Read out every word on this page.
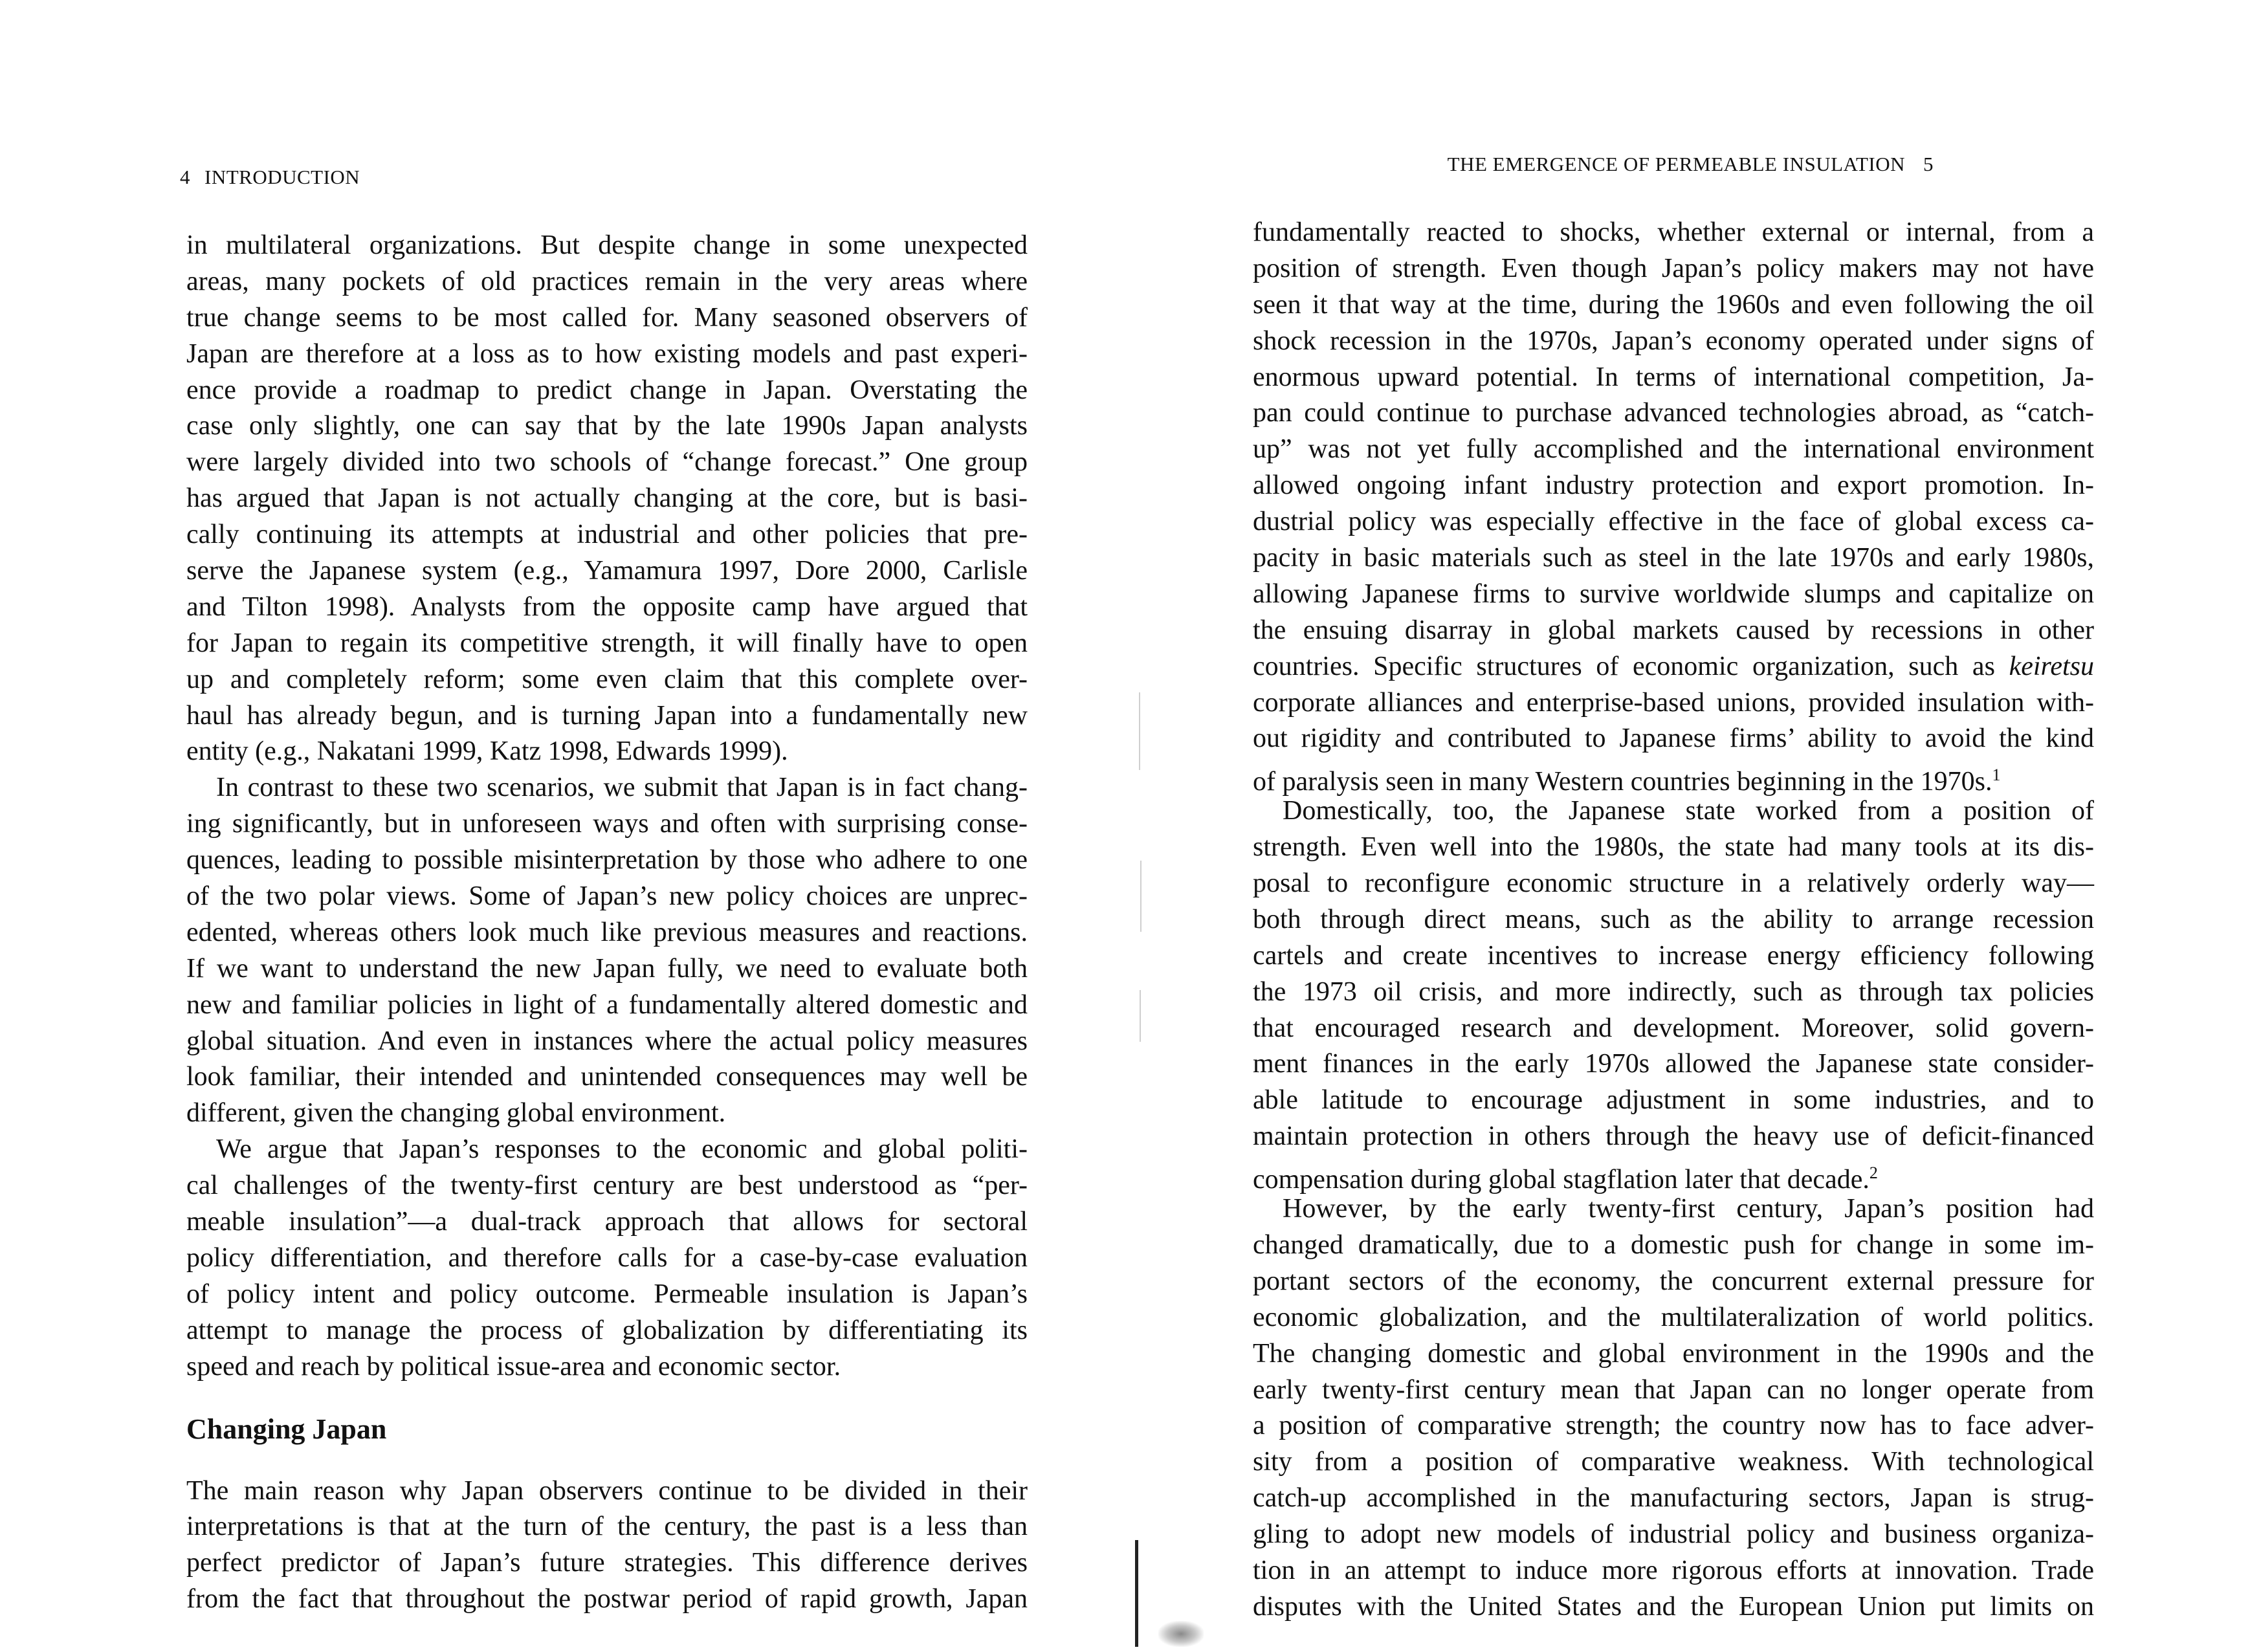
4 INTRODUCTION
in multilateral organizations. But despite change in some unexpected
areas, many pockets of old practices remain in the very areas where
true change seems to be most called for. Many seasoned observers of
Japan are therefore at a loss as to how existing models and past experi-
ence provide a roadmap to predict change in Japan. Overstating the
case only slightly, one can say that by the late 1990s Japan analysts
were largely divided into two schools of “change forecast.” One group
has argued that Japan is not actually changing at the core, but is basi-
cally continuing its attempts at industrial and other policies that pre-
serve the Japanese system (e.g., Yamamura 1997, Dore 2000, Carlisle
and Tilton 1998). Analysts from the opposite camp have argued that
for Japan to regain its competitive strength, it will finally have to open
up and completely reform; some even claim that this complete over-
haul has already begun, and is turning Japan into a fundamentally new
entity (e.g., Nakatani 1999, Katz 1998, Edwards 1999).
In contrast to these two scenarios, we submit that Japan is in fact chang-
ing significantly, but in unforeseen ways and often with surprising conse-
quences, leading to possible misinterpretation by those who adhere to one
of the two polar views. Some of Japan’s new policy choices are unprec-
edented, whereas others look much like previous measures and reactions.
If we want to understand the new Japan fully, we need to evaluate both
new and familiar policies in light of a fundamentally altered domestic and
global situation. And even in instances where the actual policy measures
look familiar, their intended and unintended consequences may well be
different, given the changing global environment.
We argue that Japan’s responses to the economic and global politi-
cal challenges of the twenty-first century are best understood as “per-
meable insulation”—a dual-track approach that allows for sectoral
policy differentiation, and therefore calls for a case-by-case evaluation
of policy intent and policy outcome. Permeable insulation is Japan’s
attempt to manage the process of globalization by differentiating its
speed and reach by political issue-area and economic sector.
Changing Japan
The main reason why Japan observers continue to be divided in their
interpretations is that at the turn of the century, the past is a less than
perfect predictor of Japan’s future strategies. This difference derives
from the fact that throughout the postwar period of rapid growth, Japan
THE EMERGENCE OF PERMEABLE INSULATION 5
fundamentally reacted to shocks, whether external or internal, from a
position of strength. Even though Japan’s policy makers may not have
seen it that way at the time, during the 1960s and even following the oil
shock recession in the 1970s, Japan’s economy operated under signs of
enormous upward potential. In terms of international competition, Ja-
pan could continue to purchase advanced technologies abroad, as “catch-
up” was not yet fully accomplished and the international environment
allowed ongoing infant industry protection and export promotion. In-
dustrial policy was especially effective in the face of global excess ca-
pacity in basic materials such as steel in the late 1970s and early 1980s,
allowing Japanese firms to survive worldwide slumps and capitalize on
the ensuing disarray in global markets caused by recessions in other
countries. Specific structures of economic organization, such as keiretsu
corporate alliances and enterprise-based unions, provided insulation with-
out rigidity and contributed to Japanese firms’ ability to avoid the kind
of paralysis seen in many Western countries beginning in the 1970s.$^1$
Domestically, too, the Japanese state worked from a position of
strength. Even well into the 1980s, the state had many tools at its dis-
posal to reconfigure economic structure in a relatively orderly way—
both through direct means, such as the ability to arrange recession
cartels and create incentives to increase energy efficiency following
the 1973 oil crisis, and more indirectly, such as through tax policies
that encouraged research and development. Moreover, solid govern-
ment finances in the early 1970s allowed the Japanese state consider-
able latitude to encourage adjustment in some industries, and to
maintain protection in others through the heavy use of deficit-financed
compensation during global stagflation later that decade.$^2$
However, by the early twenty-first century, Japan’s position had
changed dramatically, due to a domestic push for change in some im-
portant sectors of the economy, the concurrent external pressure for
economic globalization, and the multilateralization of world politics.
The changing domestic and global environment in the 1990s and the
early twenty-first century mean that Japan can no longer operate from
a position of comparative strength; the country now has to face adver-
sity from a position of comparative weakness. With technological
catch-up accomplished in the manufacturing sectors, Japan is strug-
gling to adopt new models of industrial policy and business organiza-
tion in an attempt to induce more rigorous efforts at innovation. Trade
disputes with the United States and the European Union put limits on
